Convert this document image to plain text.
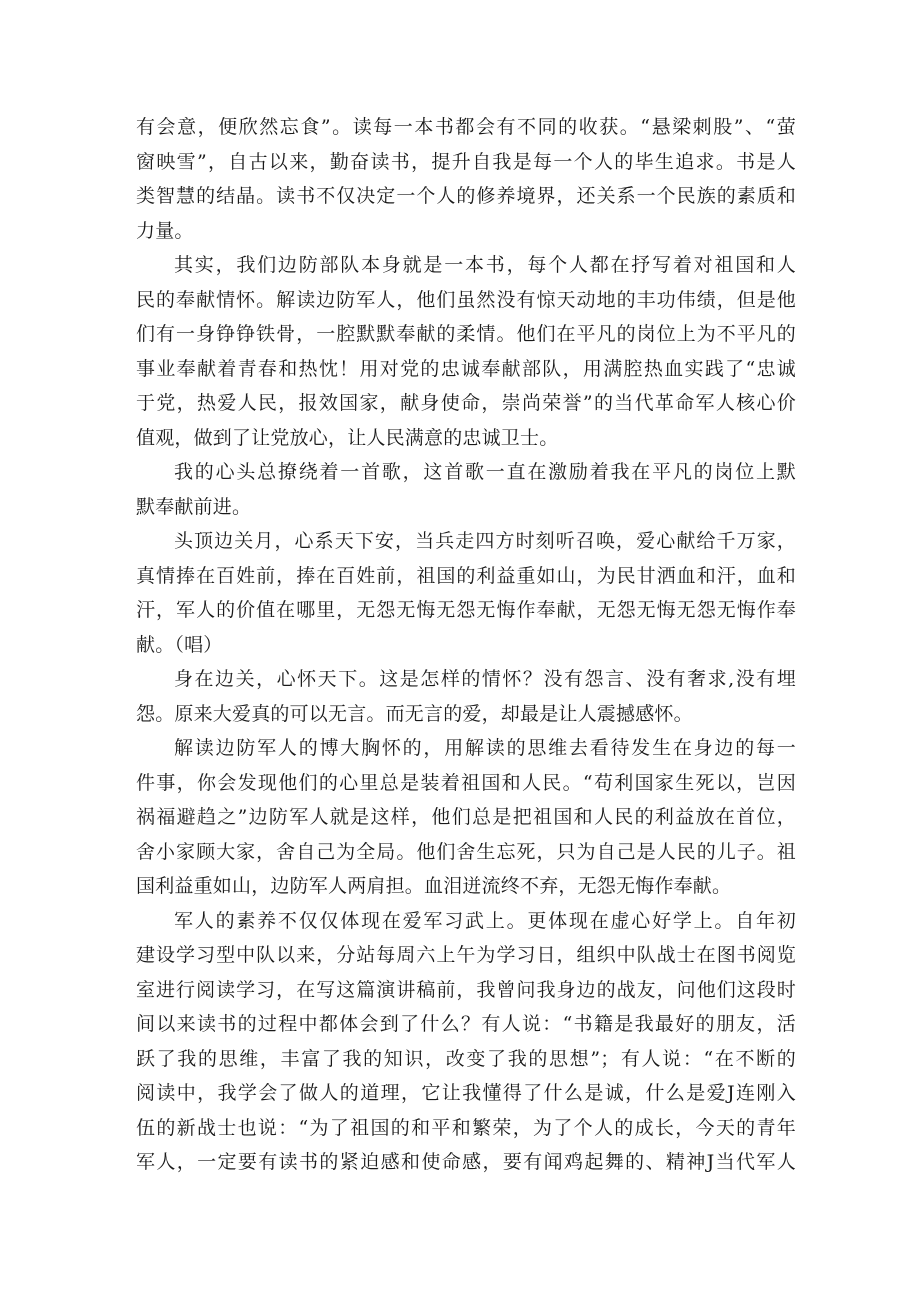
有会意，便欣然忘食”。读每一本书都会有不同的收获。“悬梁刺股”、“萤
窗映雪”，自古以来，勤奋读书，提升自我是每一个人的毕生追求。书是人
类智慧的结晶。读书不仅决定一个人的修养境界，还关系一个民族的素质和
力量。
其实，我们边防部队本身就是一本书，每个人都在抒写着对祖国和人
民的奉献情怀。解读边防军人，他们虽然没有惊天动地的丰功伟绩，但是他
们有一身铮铮铁骨，一腔默默奉献的柔情。他们在平凡的岗位上为不平凡的
事业奉献着青春和热忱！用对党的忠诚奉献部队，用满腔热血实践了“忠诚
于党，热爱人民，报效国家，献身使命，崇尚荣誉”的当代革命军人核心价
值观，做到了让党放心，让人民满意的忠诚卫士。
我的心头总撩绕着一首歌，这首歌一直在激励着我在平凡的岗位上默
默奉献前进。
头顶边关月，心系天下安，当兵走四方时刻听召唤，爱心献给千万家，
真情捧在百姓前，捧在百姓前，祖国的利益重如山，为民甘洒血和汗，血和
汗，军人的价值在哪里，无怨无悔无怨无悔作奉献，无怨无悔无怨无悔作奉
献。（唱）
身在边关，心怀天下。这是怎样的情怀？没有怨言、没有奢求,没有埋
怨。原来大爱真的可以无言。而无言的爱，却最是让人震撼感怀。
解读边防军人的博大胸怀的，用解读的思维去看待发生在身边的每一
件事，你会发现他们的心里总是装着祖国和人民。“苟利国家生死以，岂因
祸福避趋之”边防军人就是这样，他们总是把祖国和人民的利益放在首位，
舍小家顾大家，舍自己为全局。他们舍生忘死，只为自己是人民的儿子。祖
国利益重如山，边防军人两肩担。血泪迸流终不弃，无怨无悔作奉献。
军人的素养不仅仅体现在爱军习武上。更体现在虚心好学上。自年初
建设学习型中队以来，分站每周六上午为学习日，组织中队战士在图书阅览
室进行阅读学习，在写这篇演讲稿前，我曾问我身边的战友，问他们这段时
间以来读书的过程中都体会到了什么？有人说：“书籍是我最好的朋友，活
跃了我的思维，丰富了我的知识，改变了我的思想”；有人说：“在不断的
阅读中，我学会了做人的道理，它让我懂得了什么是诚，什么是爱J连刚入
伍的新战士也说：“为了祖国的和平和繁荣，为了个人的成长，今天的青年
军人，一定要有读书的紧迫感和使命感，要有闻鸡起舞的、精神J当代军人
